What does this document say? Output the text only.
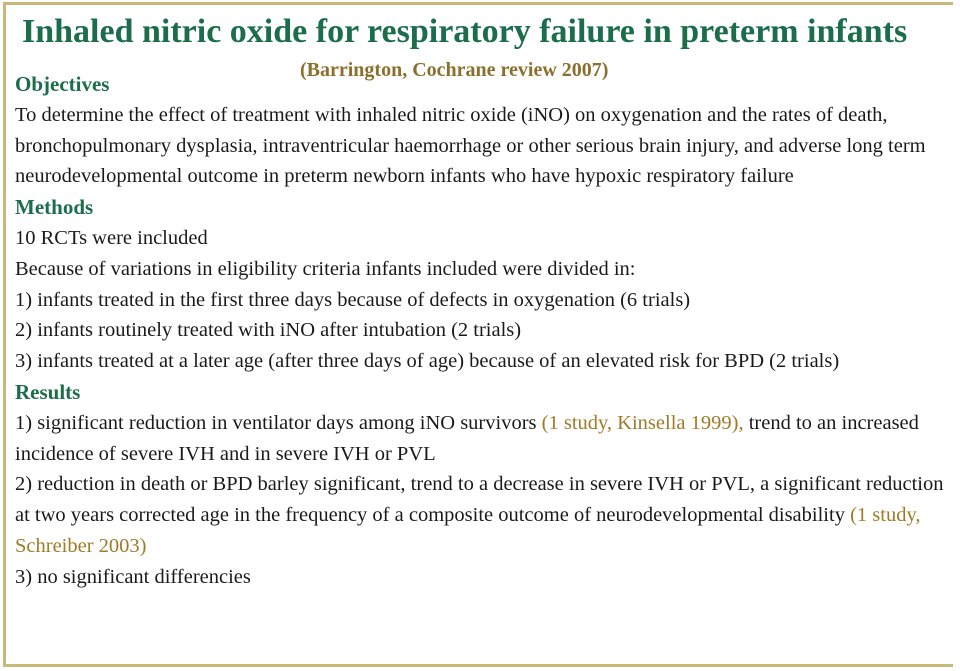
Inhaled nitric oxide for respiratory failure in preterm infants
(Barrington, Cochrane review 2007)
Objectives

To determine the effect of treatment with inhaled nitric oxide (iNO) on oxygenation and the rates of death, bronchopulmonary dysplasia, intraventricular haemorrhage or other serious brain injury, and adverse long term neurodevelopmental outcome in preterm newborn infants who have hypoxic respiratory failure

Methods

10 RCTs were included

Because of variations in eligibility criteria infants included were divided in:

1) infants treated in the first three days because of defects in oxygenation (6 trials)

2) infants routinely treated with iNO after intubation (2 trials)

3) infants treated at a later age (after three days of age) because of an elevated risk for BPD (2 trials)

Results

1) significant reduction in ventilator days among iNO survivors (1 study, Kinsella 1999), trend to an increased incidence of severe IVH and in severe IVH or PVL

2) reduction in death or BPD barley significant, trend to a decrease in severe IVH or PVL, a significant reduction at two years corrected age in the frequency of a composite outcome of neurodevelopmental disability (1 study, Schreiber 2003)

3) no significant differencies
